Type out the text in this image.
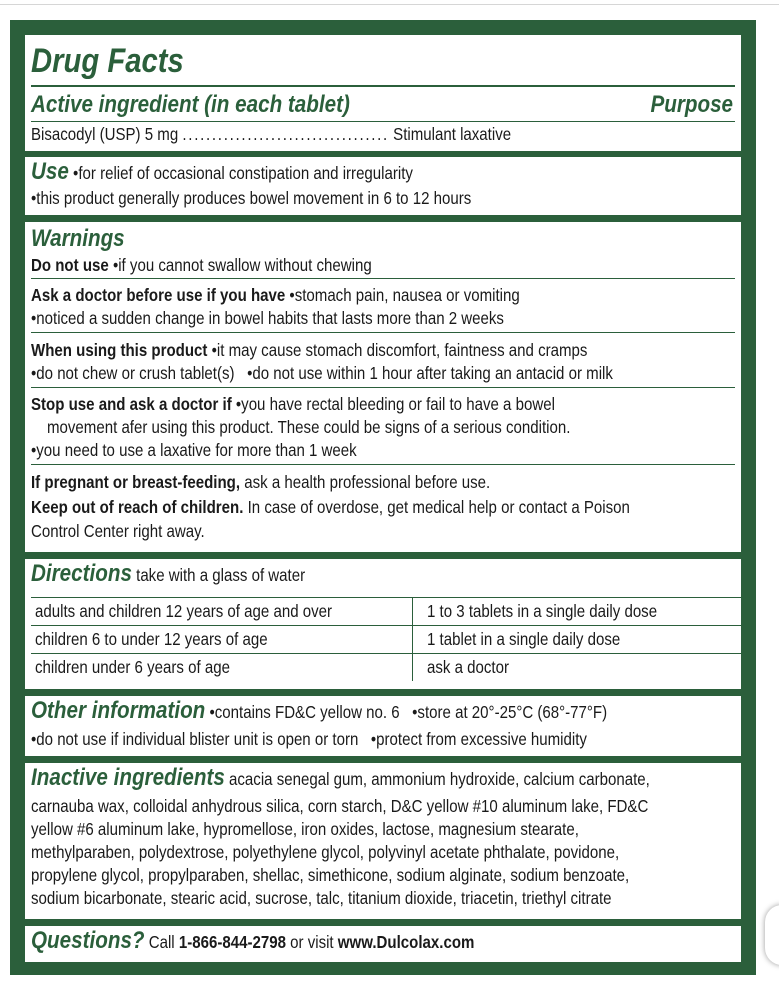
Drug Facts
Active ingredient (in each tablet)	Purpose
Bisacodyl (USP) 5 mg ................................... Stimulant laxative
Use •for relief of occasional constipation and irregularity
•this product generally produces bowel movement in 6 to 12 hours
Warnings
Do not use •if you cannot swallow without chewing
Ask a doctor before use if you have •stomach pain, nausea or vomiting
•noticed a sudden change in bowel habits that lasts more than 2 weeks
When using this product •it may cause stomach discomfort, faintness and cramps
•do not chew or crush tablet(s)   •do not use within 1 hour after taking an antacid or milk
Stop use and ask a doctor if •you have rectal bleeding or fail to have a bowel
movement afer using this product. These could be signs of a serious condition.
•you need to use a laxative for more than 1 week
If pregnant or breast-feeding, ask a health professional before use.
Keep out of reach of children. In case of overdose, get medical help or contact a Poison
Control Center right away.
Directions take with a glass of water
adults and children 12 years of age and over	1 to 3 tablets in a single daily dose
children 6 to under 12 years of age	1 tablet in a single daily dose
children under 6 years of age	ask a doctor
Other information •contains FD&C yellow no. 6   •store at 20°-25°C (68°-77°F)
•do not use if individual blister unit is open or torn   •protect from excessive humidity
Inactive ingredients acacia senegal gum, ammonium hydroxide, calcium carbonate,
carnauba wax, colloidal anhydrous silica, corn starch, D&C yellow #10 aluminum lake, FD&C
yellow #6 aluminum lake, hypromellose, iron oxides, lactose, magnesium stearate,
methylparaben, polydextrose, polyethylene glycol, polyvinyl acetate phthalate, povidone,
propylene glycol, propylparaben, shellac, simethicone, sodium alginate, sodium benzoate,
sodium bicarbonate, stearic acid, sucrose, talc, titanium dioxide, triacetin, triethyl citrate
Questions? Call 1-866-844-2798 or visit www.Dulcolax.com
